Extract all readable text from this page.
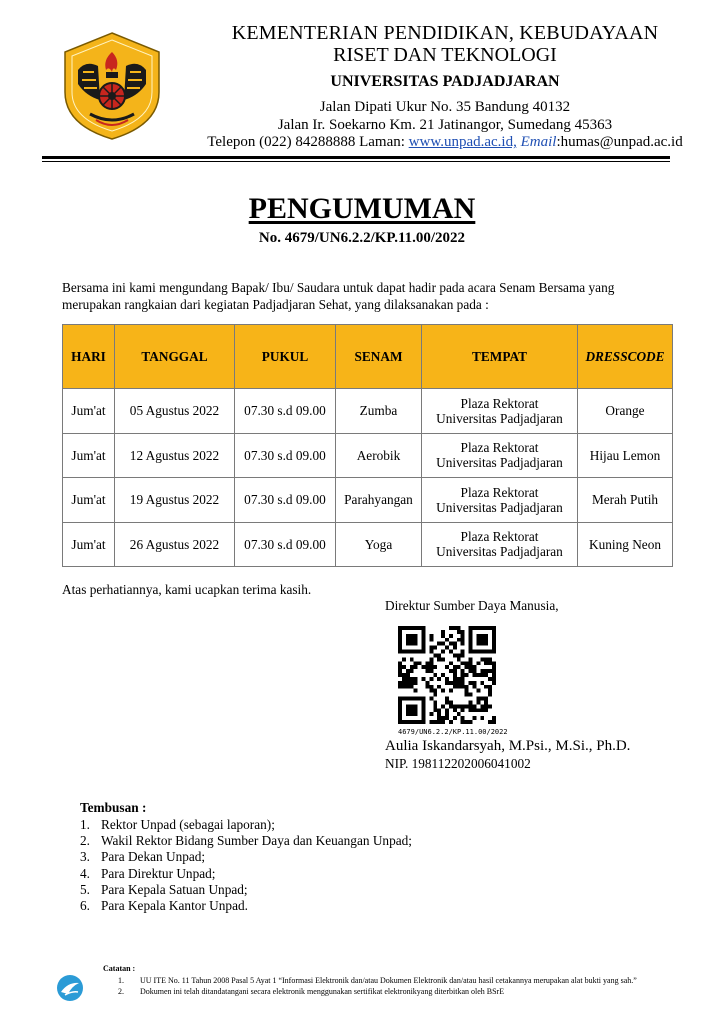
KEMENTERIAN PENDIDIKAN, KEBUDAYAAN
RISET DAN TEKNOLOGI
UNIVERSITAS PADJADJARAN
Jalan Dipati Ukur No. 35 Bandung 40132
Jalan Ir. Soekarno Km. 21 Jatinangor, Sumedang 45363
Telepon (022) 84288888 Laman: www.unpad.ac.id, Email:humas@unpad.ac.id
PENGUMUMAN
No. 4679/UN6.2.2/KP.11.00/2022
Bersama ini kami mengundang Bapak/ Ibu/ Saudara untuk dapat hadir pada acara Senam Bersama yang merupakan rangkaian dari kegiatan Padjadjaran Sehat, yang dilaksanakan pada :
HARI	TANGGAL	PUKUL	SENAM	TEMPAT	DRESSCODE
Jum'at	05 Agustus 2022	07.30 s.d 09.00	Zumba	Plaza Rektorat
Universitas Padjadjaran	Orange
Jum'at	12 Agustus 2022	07.30 s.d 09.00	Aerobik	Plaza Rektorat
Universitas Padjadjaran	Hijau Lemon
Jum'at	19 Agustus 2022	07.30 s.d 09.00	Parahyangan	Plaza Rektorat
Universitas Padjadjaran	Merah Putih
Jum'at	26 Agustus 2022	07.30 s.d 09.00	Yoga	Plaza Rektorat
Universitas Padjadjaran	Kuning Neon
Atas perhatiannya, kami ucapkan terima kasih.
Direktur Sumber Daya Manusia,
4679/UN6.2.2/KP.11.00/2022
Aulia Iskandarsyah, M.Psi., M.Si., Ph.D.
NIP. 198112202006041002
Tembusan :
1. Rektor Unpad (sebagai laporan);
2. Wakil Rektor Bidang Sumber Daya dan Keuangan Unpad;
3. Para Dekan Unpad;
4. Para Direktur Unpad;
5. Para Kepala Satuan Unpad;
6. Para Kepala Kantor Unpad.
Catatan :
1.	UU ITE No. 11 Tahun 2008 Pasal 5 Ayat 1 “Informasi Elektronik dan/atau Dokumen Elektronik dan/atau hasil cetakannya merupakan alat bukti yang sah.”
2.	Dokumen ini telah ditandatangani secara elektronik menggunakan sertifikat elektronikyang diterbitkan oleh BSrE
